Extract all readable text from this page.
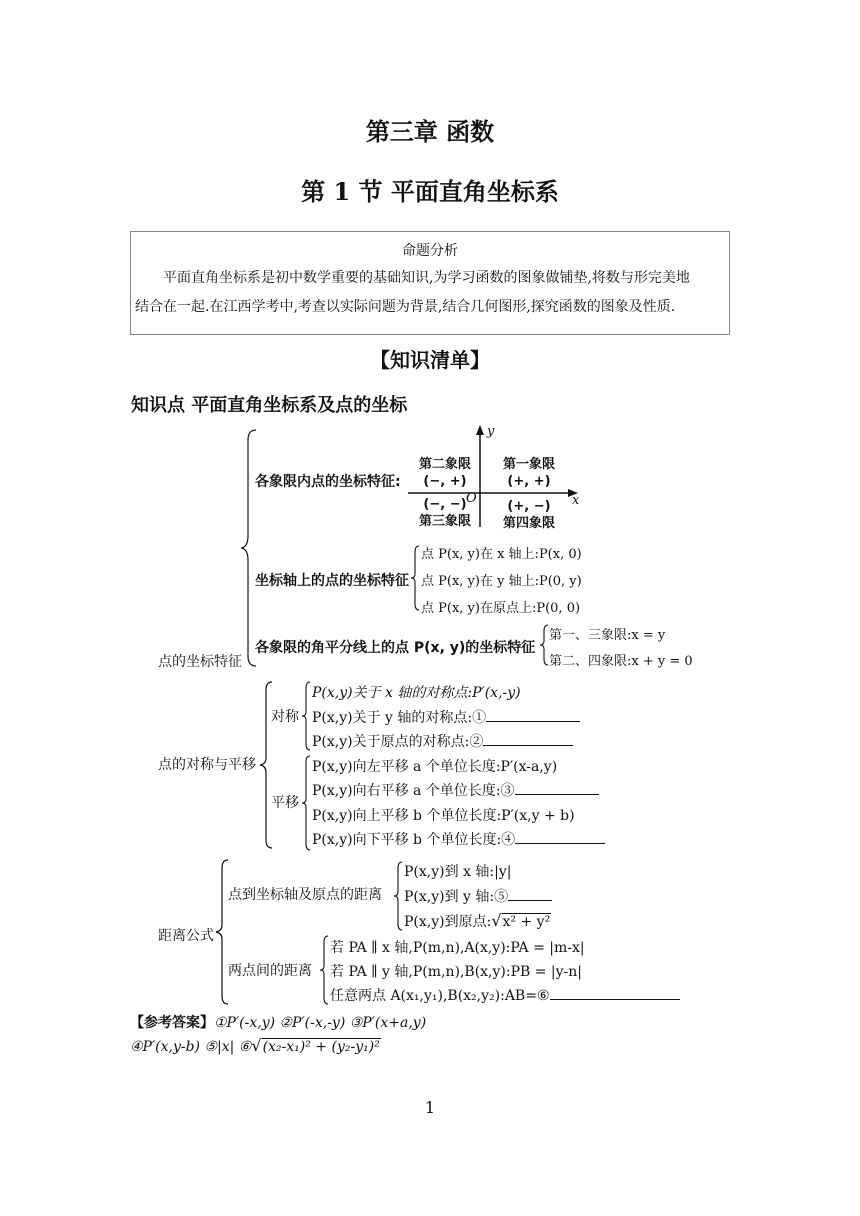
第三章 函数
第 1 节 平面直角坐标系
命题分析

平面直角坐标系是初中数学重要的基础知识,为学习函数的图象做铺垫,将数与形完美地

结合在一起.在江西学考中,考查以实际问题为背景,结合几何图形,探究函数的图象及性质.

【知识清单】
知识点 平面直角坐标系及点的坐标
点的坐标特征
各象限内点的坐标特征:
y
x
O
第二象限
(−, +)
第一象限
(+, +)
(−, −)
第三象限
(+, −)
第四象限
坐标轴上的点的坐标特征
点 P(x, y)在 x 轴上:P(x, 0)
点 P(x, y)在 y 轴上:P(0, y)
点 P(x, y)在原点上:P(0, 0)
各象限的角平分线上的点 P(x, y)的坐标特征
第一、三象限:x = y
第二、四象限:x + y = 0
点的对称与平移
对称
P(x,y)关于 x 轴的对称点:P′(x,-y)
P(x,y)关于 y 轴的对称点:①
P(x,y)关于原点的对称点:②
平移
P(x,y)向左平移 a 个单位长度:P′(x-a,y)
P(x,y)向右平移 a 个单位长度:③
P(x,y)向上平移 b 个单位长度:P′(x,y + b)
P(x,y)向下平移 b 个单位长度:④
距离公式
点到坐标轴及原点的距离
P(x,y)到 x 轴:|y|
P(x,y)到 y 轴:⑤
P(x,y)到原点:√x² + y²
两点间的距离
若 PA ∥ x 轴,P(m,n),A(x,y):PA = |m-x|
若 PA ∥ y 轴,P(m,n),B(x,y):PB = |y-n|
任意两点 A(x₁,y₁),B(x₂,y₂):AB=⑥
【参考答案】①P′(-x,y) ②P′(-x,-y) ③P′(x+a,y)
④P′(x,y-b) ⑤|x| ⑥√(x₂-x₁)² + (y₂-y₁)²
1
